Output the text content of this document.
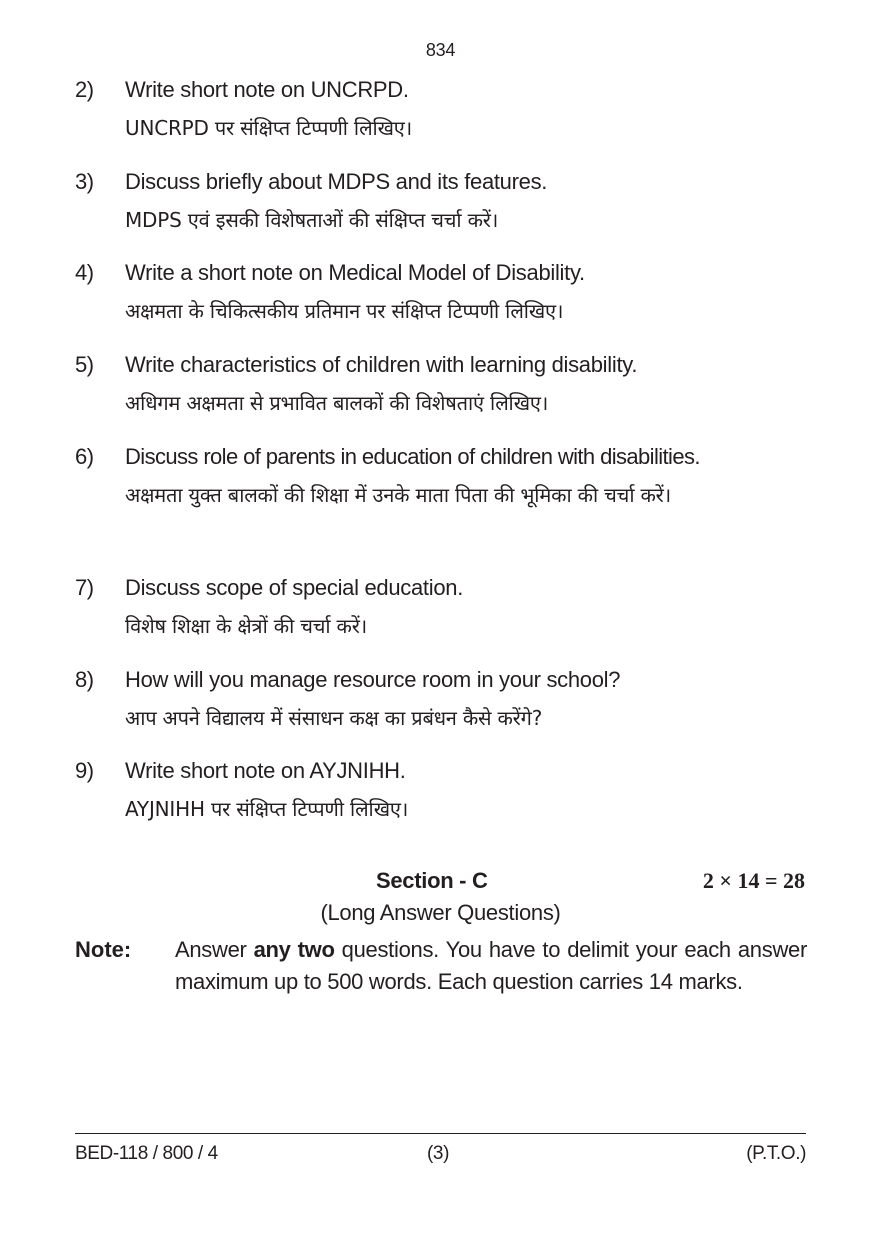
834
2) Write short note on UNCRPD.
UNCRPD पर संक्षिप्त टिप्पणी लिखिए।
3) Discuss briefly about MDPS and its features.
MDPS एवं इसकी विशेषताओं की संक्षिप्त चर्चा करें।
4) Write a short note on Medical Model of Disability.
अक्षमता के चिकित्सकीय प्रतिमान पर संक्षिप्त टिप्पणी लिखिए।
5) Write characteristics of children with learning disability.
अधिगम अक्षमता से प्रभावित बालकों की विशेषताएं लिखिए।
6) Discuss role of parents in education of children with disabilities.
अक्षमता युक्त बालकों की शिक्षा में उनके माता पिता की भूमिका की चर्चा करें।
7) Discuss scope of special education.
विशेष शिक्षा के क्षेत्रों की चर्चा करें।
8) How will you manage resource room in your school?
आप अपने विद्यालय में संसाधन कक्ष का प्रबंधन कैसे करेंगे?
9) Write short note on AYJNIHH.
AYJNIHH पर संक्षिप्त टिप्पणी लिखिए।
Section - C	2 × 14 = 28
(Long Answer Questions)
Note: Answer any two questions. You have to delimit your each answer maximum up to 500 words. Each question carries 14 marks.
BED-118 / 800 / 4	(3)	(P.T.O.)
